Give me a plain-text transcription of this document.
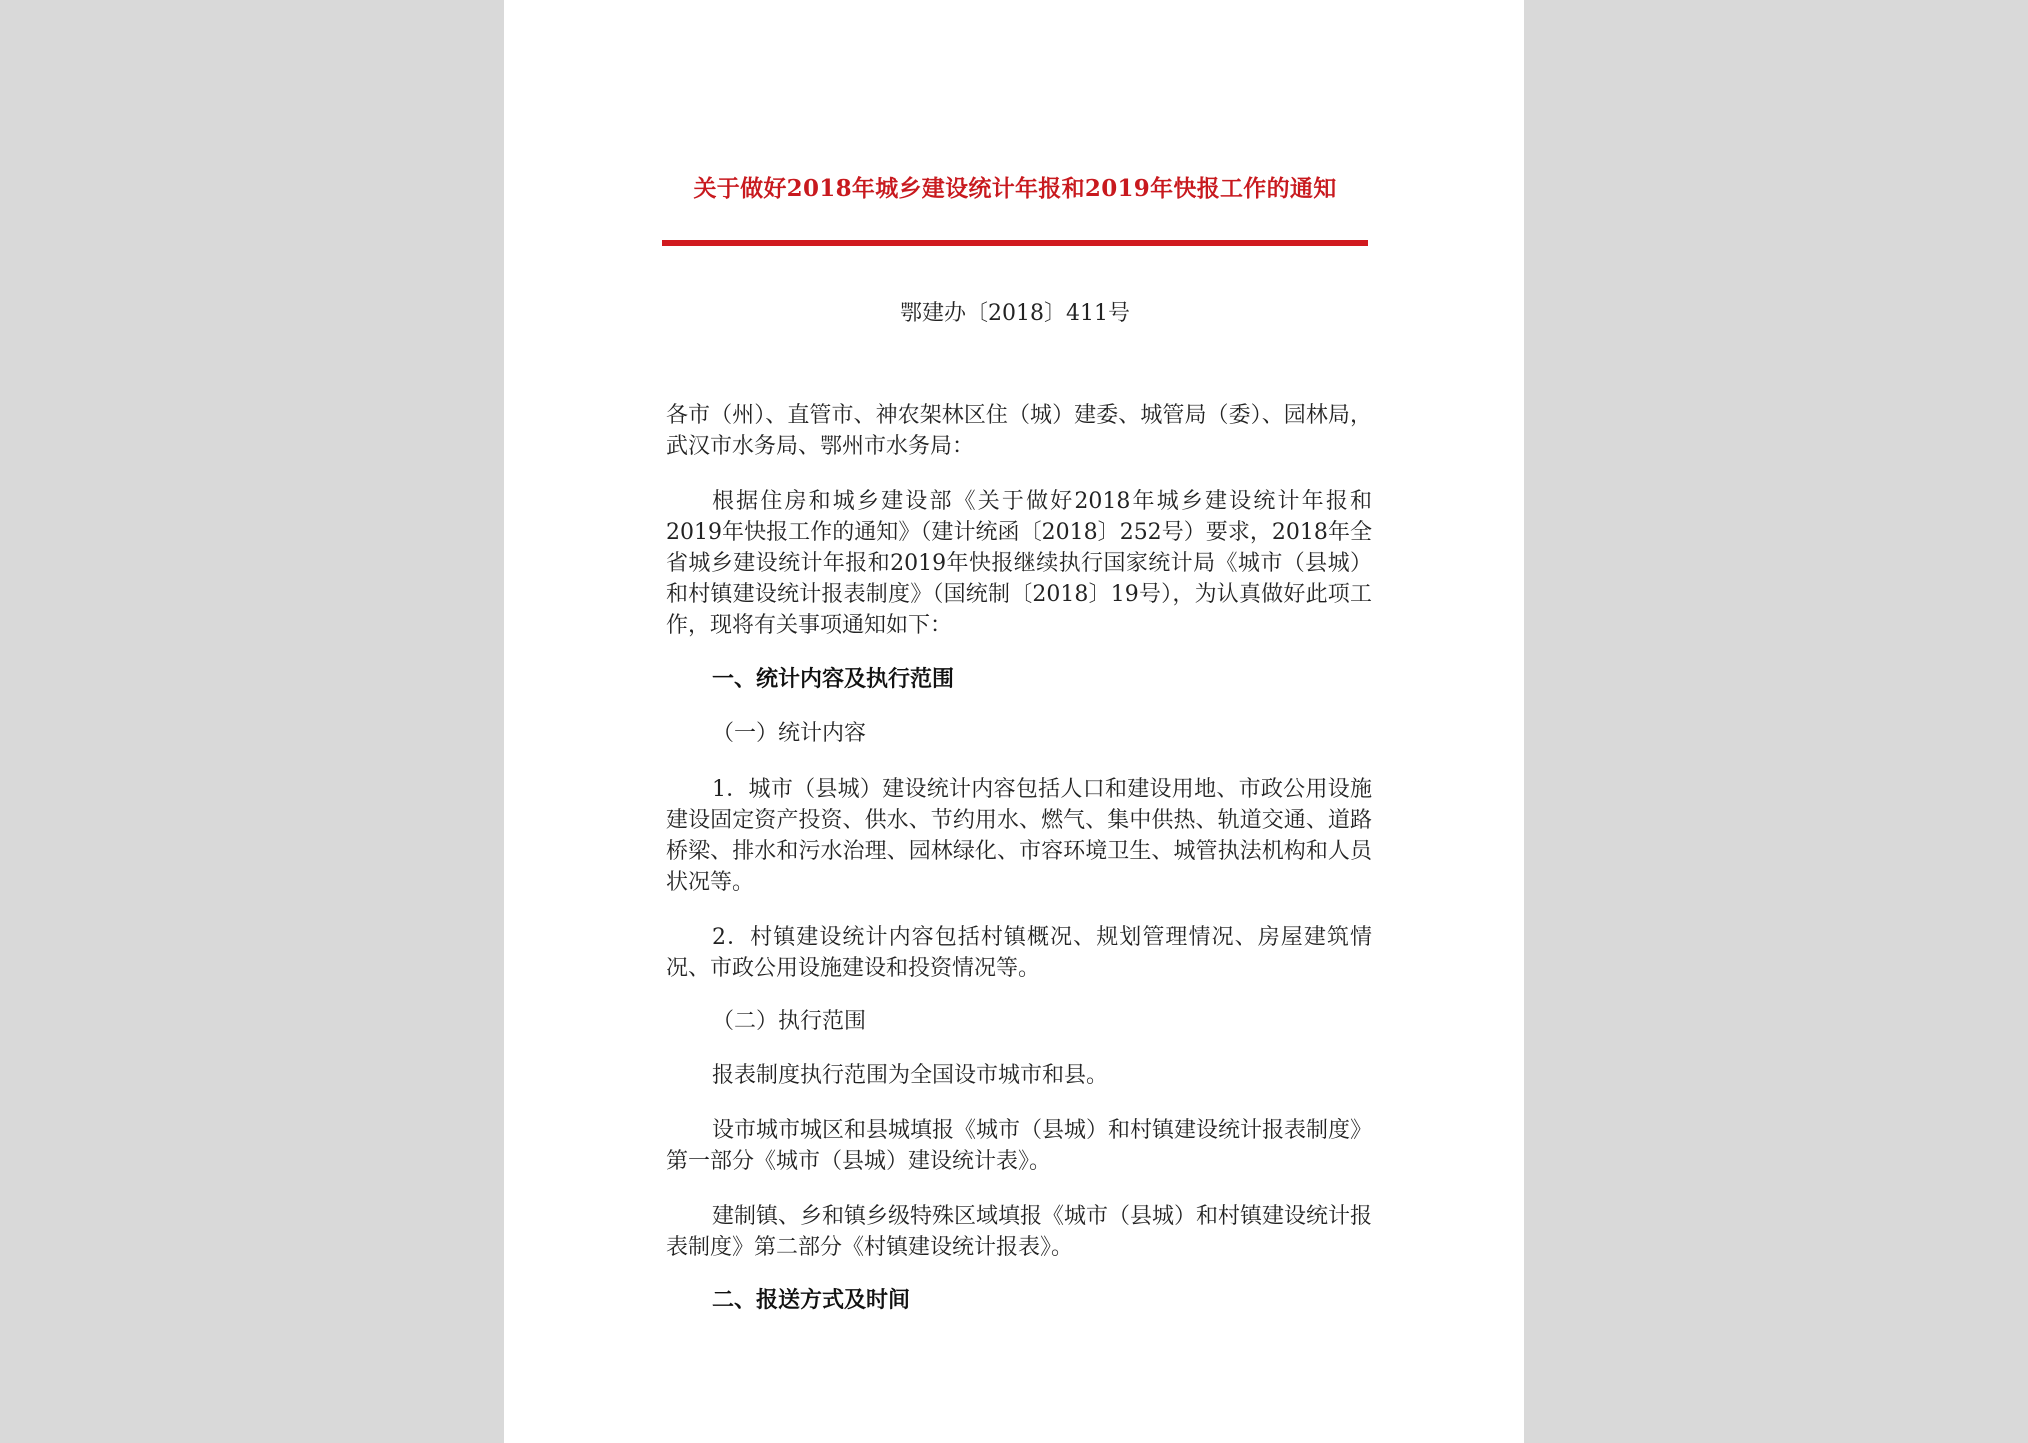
关于做好2018年城乡建设统计年报和2019年快报工作的通知
鄂建办〔2018〕411号

各市（州）、直管市、神农架林区住（城）建委、城管局（委）、园林局，武汉市水务局、鄂州市水务局：

根据住房和城乡建设部《关于做好2018年城乡建设统计年报和2019年快报工作的通知》（建计统函〔2018〕252号）要求，2018年全省城乡建设统计年报和2019年快报继续执行国家统计局《城市（县城）和村镇建设统计报表制度》（国统制〔2018〕19号），为认真做好此项工作，现将有关事项通知如下：

一、统计内容及执行范围
（一）统计内容

1．城市（县城）建设统计内容包括人口和建设用地、市政公用设施建设固定资产投资、供水、节约用水、燃气、集中供热、轨道交通、道路桥梁、排水和污水治理、园林绿化、市容环境卫生、城管执法机构和人员状况等。

2．村镇建设统计内容包括村镇概况、规划管理情况、房屋建筑情况、市政公用设施建设和投资情况等。

（二）执行范围

报表制度执行范围为全国设市城市和县。

设市城市城区和县城填报《城市（县城）和村镇建设统计报表制度》第一部分《城市（县城）建设统计表》。

建制镇、乡和镇乡级特殊区域填报《城市（县城）和村镇建设统计报表制度》第二部分《村镇建设统计报表》。

二、报送方式及时间
